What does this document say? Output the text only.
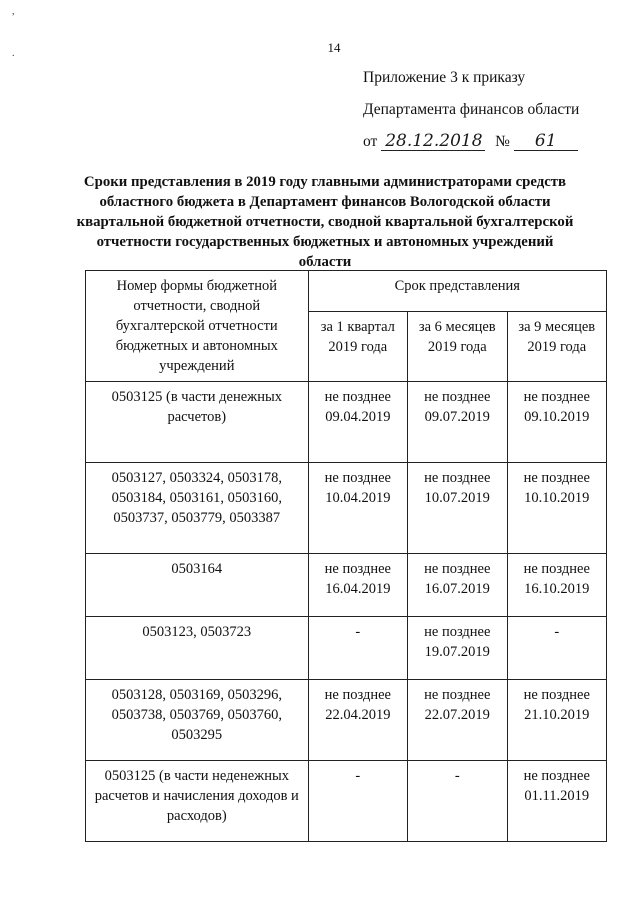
14
,
.
Приложение 3 к приказу
Департамента финансов области
от 28.12.2018 № 61
Сроки представления в 2019 году главными администраторами средств областного бюджета в Департамент финансов Вологодской области квартальной бюджетной отчетности, сводной квартальной бухгалтерской отчетности государственных бюджетных и автономных учреждений области
Номер формы бюджетной отчетности, сводной бухгалтерской отчетности бюджетных и автономных учреждений	Срок представления		
	за 1 квартал 2019 года	за 6 месяцев 2019 года	за 9 месяцев 2019 года
0503125 (в части денежных расчетов)	не позднее 09.04.2019	не позднее 09.07.2019	не позднее 09.10.2019
0503127, 0503324, 0503178, 0503184, 0503161, 0503160, 0503737, 0503779, 0503387	не позднее 10.04.2019	не позднее 10.07.2019	не позднее 10.10.2019
0503164	не позднее 16.04.2019	не позднее 16.07.2019	не позднее 16.10.2019
0503123, 0503723	-	не позднее 19.07.2019	-
0503128, 0503169, 0503296, 0503738, 0503769, 0503760, 0503295	не позднее 22.04.2019	не позднее 22.07.2019	не позднее 21.10.2019
0503125 (в части неденежных расчетов и начисления доходов и расходов)	-	-	не позднее 01.11.2019
